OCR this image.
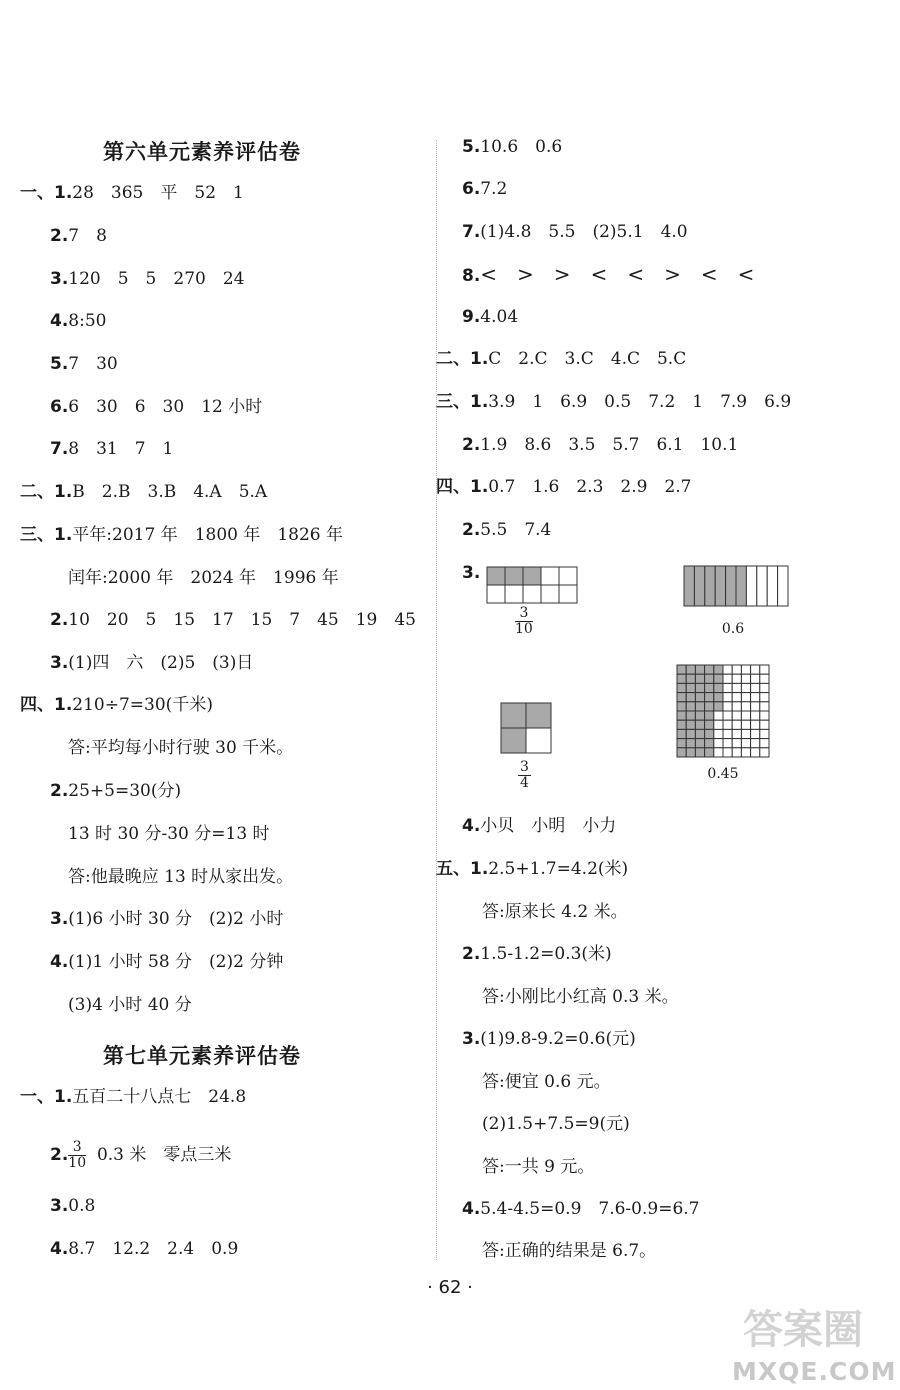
第六单元素养评估卷
一、1.28　365　平　52　1
2.7　8
3.120　5　5　270　24
4.8:50
5.7　30
6.6　30　6　30　12 小时
7.8　31　7　1
二、1.B　2.B　3.B　4.A　5.A
三、1.平年:2017 年　1800 年　1826 年
闰年:2000 年　2024 年　1996 年
2.10　20　5　15　17　15　7　45　19　45
3.(1)四　六　(2)5　(3)日
四、1.210÷7=30(千米)
答:平均每小时行驶 30 千米。
2.25+5=30(分)
13 时 30 分-30 分=13 时
答:他最晚应 13 时从家出发。
3.(1)6 小时 30 分　(2)2 小时
4.(1)1 小时 58 分　(2)2 分钟
(3)4 小时 40 分
第七单元素养评估卷
一、1.五百二十八点七　24.8
2. $\frac{3}{10} 0.3$ 米　零点三米
3.0.8
4.8.7　12.2　2.4　0.9
5.10.6　0.6
6.7.2
7.(1)4.8　5.5　(2)5.1　4.0
8.<　>　>　<　<　>　<　<
9.4.04
二、1.C　2.C　3.C　4.C　5.C
三、1.3.9　1　6.9　0.5　7.2　1　7.9　6.9
2.1.9　8.6　3.5　5.7　6.1　10.1
四、1.0.7　1.6　2.3　2.9　2.7
2.5.5　7.4
3.
$\frac{3}{10}$	0.6
$\frac{3}{4}$	0.45
4.小贝　小明　小力
五、1.2.5+1.7=4.2(米)
答:原来长 4.2 米。
2.1.5-1.2=0.3(米)
答:小刚比小红高 0.3 米。
3.(1)9.8-9.2=0.6(元)
答:便宜 0.6 元。
(2)1.5+7.5=9(元)
答:一共 9 元。
4.5.4-4.5=0.9　7.6-0.9=6.7
答:正确的结果是 6.7。
· 62 ·
答案圈
MXQE.COM
